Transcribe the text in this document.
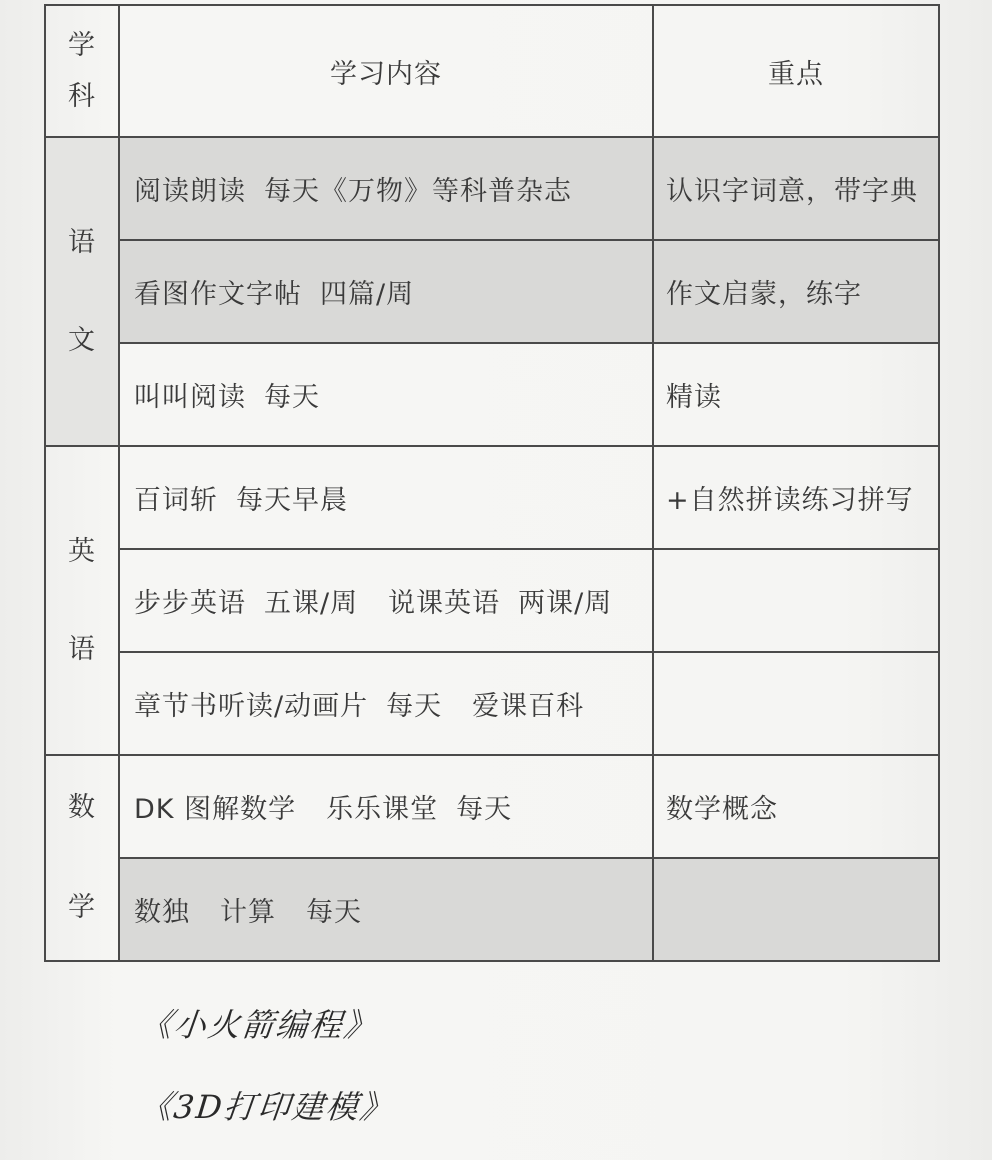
学科	学习内容	重点
语文	阅读朗读 每天《万物》等科普杂志	认识字词意，带字典
	看图作文字帖 四篇/周	作文启蒙，练字
	叫叫阅读 每天	精读
英语	百词斩 每天早晨	+自然拼读练习拼写
	步步英语 五课/周 说课英语 两课/周	
	章节书听读/动画片 每天 爱课百科	
数学	DK 图解数学 乐乐课堂 每天	数学概念
	数独 计算 每天	
《小火箭编程》
《3D打印建模》
